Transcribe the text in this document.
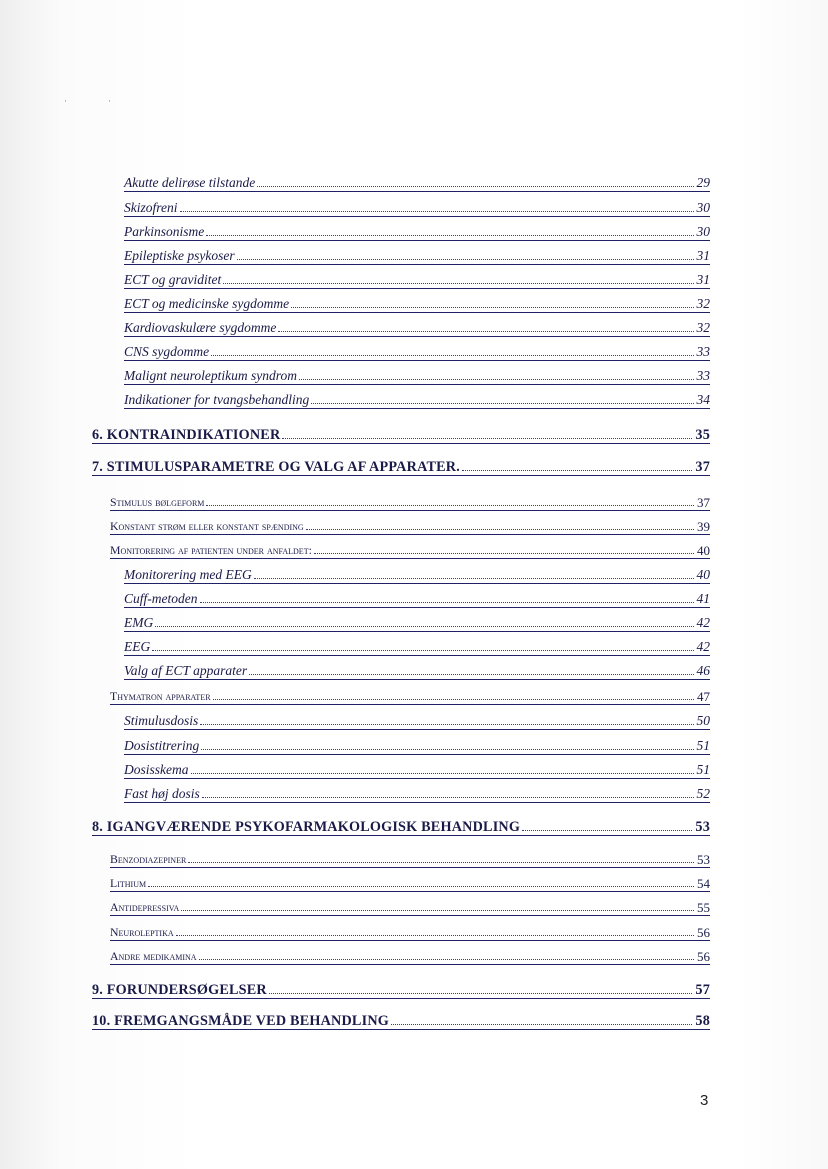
·	·
Akutte delirøse tilstande	29
Skizofreni	30
Parkinsonisme	30
Epileptiske psykoser	31
ECT og graviditet	31
ECT og medicinske sygdomme	32
Kardiovaskulære sygdomme	32
CNS sygdomme	33
Malignt neuroleptikum syndrom	33
Indikationer for tvangsbehandling	34
6. KONTRAINDIKATIONER	35
7. STIMULUSPARAMETRE OG VALG AF APPARATER.	37
Stimulus bølgeform	37
Konstant strøm eller konstant spænding	39
Monitorering af patienten under anfaldet:	40
Monitorering med EEG	40
Cuff-metoden	41
EMG	42
EEG	42
Valg af ECT apparater	46
Thymatron apparater	47
Stimulusdosis	50
Dosistitrering	51
Dosisskema	51
Fast høj dosis	52
8. IGANGVÆRENDE PSYKOFARMAKOLOGISK BEHANDLING	53
Benzodiazepiner	53
Lithium	54
Antidepressiva	55
Neuroleptika	56
Andre medikamina	56
9. FORUNDERSØGELSER	57
10. FREMGANGSMÅDE VED BEHANDLING	58
3
